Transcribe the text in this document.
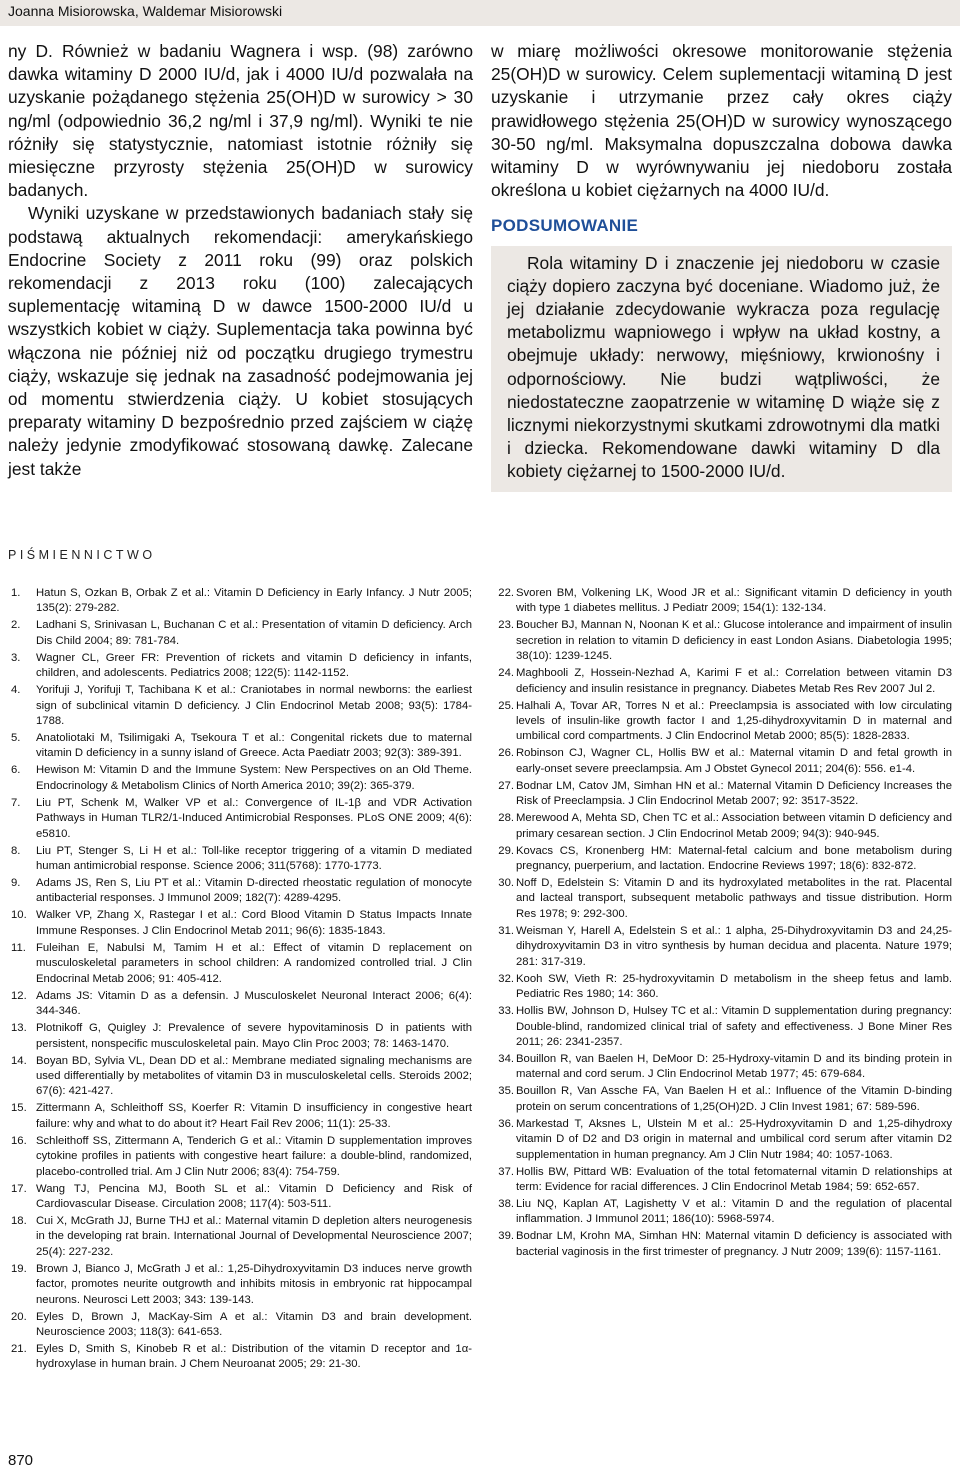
Joanna Misiorowska, Waldemar Misiorowski

ny D. Również w badaniu Wagnera i wsp. (98) zarówno dawka witaminy D 2000 IU/d, jak i 4000 IU/d pozwalała na uzyskanie pożądanego stężenia 25(OH)D w surowicy > 30 ng/ml (odpowiednio 36,2 ng/ml i 37,9 ng/ml). Wyniki te nie różniły się statystycznie, natomiast istotnie różniły się miesięczne przyrosty stężenia 25(OH)D w surowicy badanych.

Wyniki uzyskane w przedstawionych badaniach stały się podstawą aktualnych rekomendacji: amerykańskiego Endocrine Society z 2011 roku (99) oraz polskich rekomendacji z 2013 roku (100) zalecających suplementację witaminą D w dawce 1500-2000 IU/d u wszystkich kobiet w ciąży. Suplementacja taka powinna być włączona nie później niż od początku drugiego trymestru ciąży, wskazuje się jednak na zasadność podejmowania jej od momentu stwierdzenia ciąży. U kobiet stosujących preparaty witaminy D bezpośrednio przed zajściem w ciążę należy jedynie zmodyfikować stosowaną dawkę. Zalecane jest także

w miarę możliwości okresowe monitorowanie stężenia 25(OH)D w surowicy. Celem suplementacji witaminą D jest uzyskanie i utrzymanie przez cały okres ciąży prawidłowego stężenia 25(OH)D w surowicy wynoszącego 30-50 ng/ml. Maksymalna dopuszczalna dobowa dawka witaminy D w wyrównywaniu jej niedoboru została określona u kobiet ciężarnych na 4000 IU/d.

PODSUMOWANIE
Rola witaminy D i znaczenie jej niedoboru w czasie ciąży dopiero zaczyna być doceniane. Wiadomo już, że jej działanie zdecydowanie wykracza poza regulację metabolizmu wapniowego i wpływ na układ kostny, a obejmuje układy: nerwowy, mięśniowy, krwionośny i odpornościowy. Nie budzi wątpliwości, że niedostateczne zaopatrzenie w witaminę D wiąże się z licznymi niekorzystnymi skutkami zdrowotnymi dla matki i dziecka. Rekomendowane dawki witaminy D dla kobiety ciężarnej to 1500-2000 IU/d.
PIŚMIENNICTWO
1.	Hatun S, Ozkan B, Orbak Z et al.: Vitamin D Deficiency in Early Infancy. J Nutr 2005; 135(2): 279-282.
2.	Ladhani S, Srinivasan L, Buchanan C et al.: Presentation of vitamin D deficiency. Arch Dis Child 2004; 89: 781-784.
3.	Wagner CL, Greer FR: Prevention of rickets and vitamin D deficiency in infants, children, and adolescents. Pediatrics 2008; 122(5): 1142-1152.
4.	Yorifuji J, Yorifuji T, Tachibana K et al.: Craniotabes in normal newborns: the earliest sign of subclinical vitamin D deficiency. J Clin Endocrinol Metab 2008; 93(5): 1784-1788.
5.	Anatoliotaki M, Tsilimigaki A, Tsekoura T et al.: Congenital rickets due to maternal vitamin D deficiency in a sunny island of Greece. Acta Paediatr 2003; 92(3): 389-391.
6.	Hewison M: Vitamin D and the Immune System: New Perspectives on an Old Theme. Endocrinology & Metabolism Clinics of North America 2010; 39(2): 365-379.
7.	Liu PT, Schenk M, Walker VP et al.: Convergence of IL-1β and VDR Activation Pathways in Human TLR2/1-Induced Antimicrobial Responses. PLoS ONE 2009; 4(6): e5810.
8.	Liu PT, Stenger S, Li H et al.: Toll-like receptor triggering of a vitamin D mediated human antimicrobial response. Science 2006; 311(5768): 1770-1773.
9.	Adams JS, Ren S, Liu PT et al.: Vitamin D-directed rheostatic regulation of monocyte antibacterial responses. J Immunol 2009; 182(7): 4289-4295.
10. Walker VP, Zhang X, Rastegar I et al.: Cord Blood Vitamin D Status Impacts Innate Immune Responses. J Clin Endocrinol Metab 2011; 96(6): 1835-1843.
11. Fuleihan E, Nabulsi M, Tamim H et al.: Effect of vitamin D replacement on musculoskeletal parameters in school children: A randomized controlled trial. J Clin Endocrinal Metab 2006; 91: 405-412.
12. Adams JS: Vitamin D as a defensin. J Musculoskelet Neuronal Interact 2006; 6(4): 344-346.
13. Plotnikoff G, Quigley J: Prevalence of severe hypovitaminosis D in patients with persistent, nonspecific musculoskeletal pain. Mayo Clin Proc 2003; 78: 1463-1470.
14. Boyan BD, Sylvia VL, Dean DD et al.: Membrane mediated signaling mechanisms are used differentially by metabolites of vitamin D3 in musculoskeletal cells. Steroids 2002; 67(6): 421-427.
15. Zittermann A, Schleithoff SS, Koerfer R: Vitamin D insufficiency in congestive heart failure: why and what to do about it? Heart Fail Rev 2006; 11(1): 25-33.
16. Schleithoff SS, Zittermann A, Tenderich G et al.: Vitamin D supplementation improves cytokine profiles in patients with congestive heart failure: a double-blind, randomized, placebo-controlled trial. Am J Clin Nutr 2006; 83(4): 754-759.
17. Wang TJ, Pencina MJ, Booth SL et al.: Vitamin D Deficiency and Risk of Cardiovascular Disease. Circulation 2008; 117(4): 503-511.
18. Cui X, McGrath JJ, Burne THJ et al.: Maternal vitamin D depletion alters neurogenesis in the developing rat brain. International Journal of Developmental Neuroscience 2007; 25(4): 227-232.
19. Brown J, Bianco J, McGrath J et al.: 1,25-Dihydroxyvitamin D3 induces nerve growth factor, promotes neurite outgrowth and inhibits mitosis in embryonic rat hippocampal neurons. Neurosci Lett 2003; 343: 139-143.
20. Eyles D, Brown J, MacKay-Sim A et al.: Vitamin D3 and brain development. Neuroscience 2003; 118(3): 641-653.
21. Eyles D, Smith S, Kinobeb R et al.: Distribution of the vitamin D receptor and 1α-hydroxylase in human brain. J Chem Neuroanat 2005; 29: 21-30.
22. Svoren BM, Volkening LK, Wood JR et al.: Significant vitamin D deficiency in youth with type 1 diabetes mellitus. J Pediatr 2009; 154(1): 132-134.
23. Boucher BJ, Mannan N, Noonan K et al.: Glucose intolerance and impairment of insulin secretion in relation to vitamin D deficiency in east London Asians. Diabetologia 1995; 38(10): 1239-1245.
24. Maghbooli Z, Hossein-Nezhad A, Karimi F et al.: Correlation between vitamin D3 deficiency and insulin resistance in pregnancy. Diabetes Metab Res Rev 2007 Jul 2.
25. Halhali A, Tovar AR, Torres N et al.: Preeclampsia is associated with low circulating levels of insulin-like growth factor I and 1,25-dihydroxyvitamin D in maternal and umbilical cord compartments. J Clin Endocrinol Metab 2000; 85(5): 1828-2833.
26. Robinson CJ, Wagner CL, Hollis BW et al.: Maternal vitamin D and fetal growth in early-onset severe preeclampsia. Am J Obstet Gynecol 2011; 204(6): 556. e1-4.
27. Bodnar LM, Catov JM, Simhan HN et al.: Maternal Vitamin D Deficiency Increases the Risk of Preeclampsia. J Clin Endocrinol Metab 2007; 92: 3517-3522.
28. Merewood A, Mehta SD, Chen TC et al.: Association between vitamin D deficiency and primary cesarean section. J Clin Endocrinol Metab 2009; 94(3): 940-945.
29. Kovacs CS, Kronenberg HM: Maternal-fetal calcium and bone metabolism during pregnancy, puerperium, and lactation. Endocrine Reviews 1997; 18(6): 832-872.
30. Noff D, Edelstein S: Vitamin D and its hydroxylated metabolites in the rat. Placental and lacteal transport, subsequent metabolic pathways and tissue distribution. Horm Res 1978; 9: 292-300.
31. Weisman Y, Harell A, Edelstein S et al.: 1 alpha, 25-Dihydroxyvitamin D3 and 24,25-dihydroxyvitamin D3 in vitro synthesis by human decidua and placenta. Nature 1979; 281: 317-319.
32. Kooh SW, Vieth R: 25-hydroxyvitamin D metabolism in the sheep fetus and lamb. Pediatric Res 1980; 14: 360.
33. Hollis BW, Johnson D, Hulsey TC et al.: Vitamin D supplementation during pregnancy: Double-blind, randomized clinical trial of safety and effectiveness. J Bone Miner Res 2011; 26: 2341-2357.
34. Bouillon R, van Baelen H, DeMoor D: 25-Hydroxy-vitamin D and its binding protein in maternal and cord serum. J Clin Endocrinol Metab 1977; 45: 679-684.
35. Bouillon R, Van Assche FA, Van Baelen H et al.: Influence of the Vitamin D-binding protein on serum concentrations of 1,25(OH)2D. J Clin Invest 1981; 67: 589-596.
36. Markestad T, Aksnes L, Ulstein M et al.: 25-Hydroxyvitamin D and 1,25-dihydroxy vitamin D of D2 and D3 origin in maternal and umbilical cord serum after vitamin D2 supplementation in human pregnancy. Am J Clin Nutr 1984; 40: 1057-1063.
37. Hollis BW, Pittard WB: Evaluation of the total fetomaternal vitamin D relationships at term: Evidence for racial differences. J Clin Endocrinol Metab 1984; 59: 652-657.
38. Liu NQ, Kaplan AT, Lagishetty V et al.: Vitamin D and the regulation of placental inflammation. J Immunol 2011; 186(10): 5968-5974.
39. Bodnar LM, Krohn MA, Simhan HN: Maternal vitamin D deficiency is associated with bacterial vaginosis in the first trimester of pregnancy. J Nutr 2009; 139(6): 1157-1161.
870
